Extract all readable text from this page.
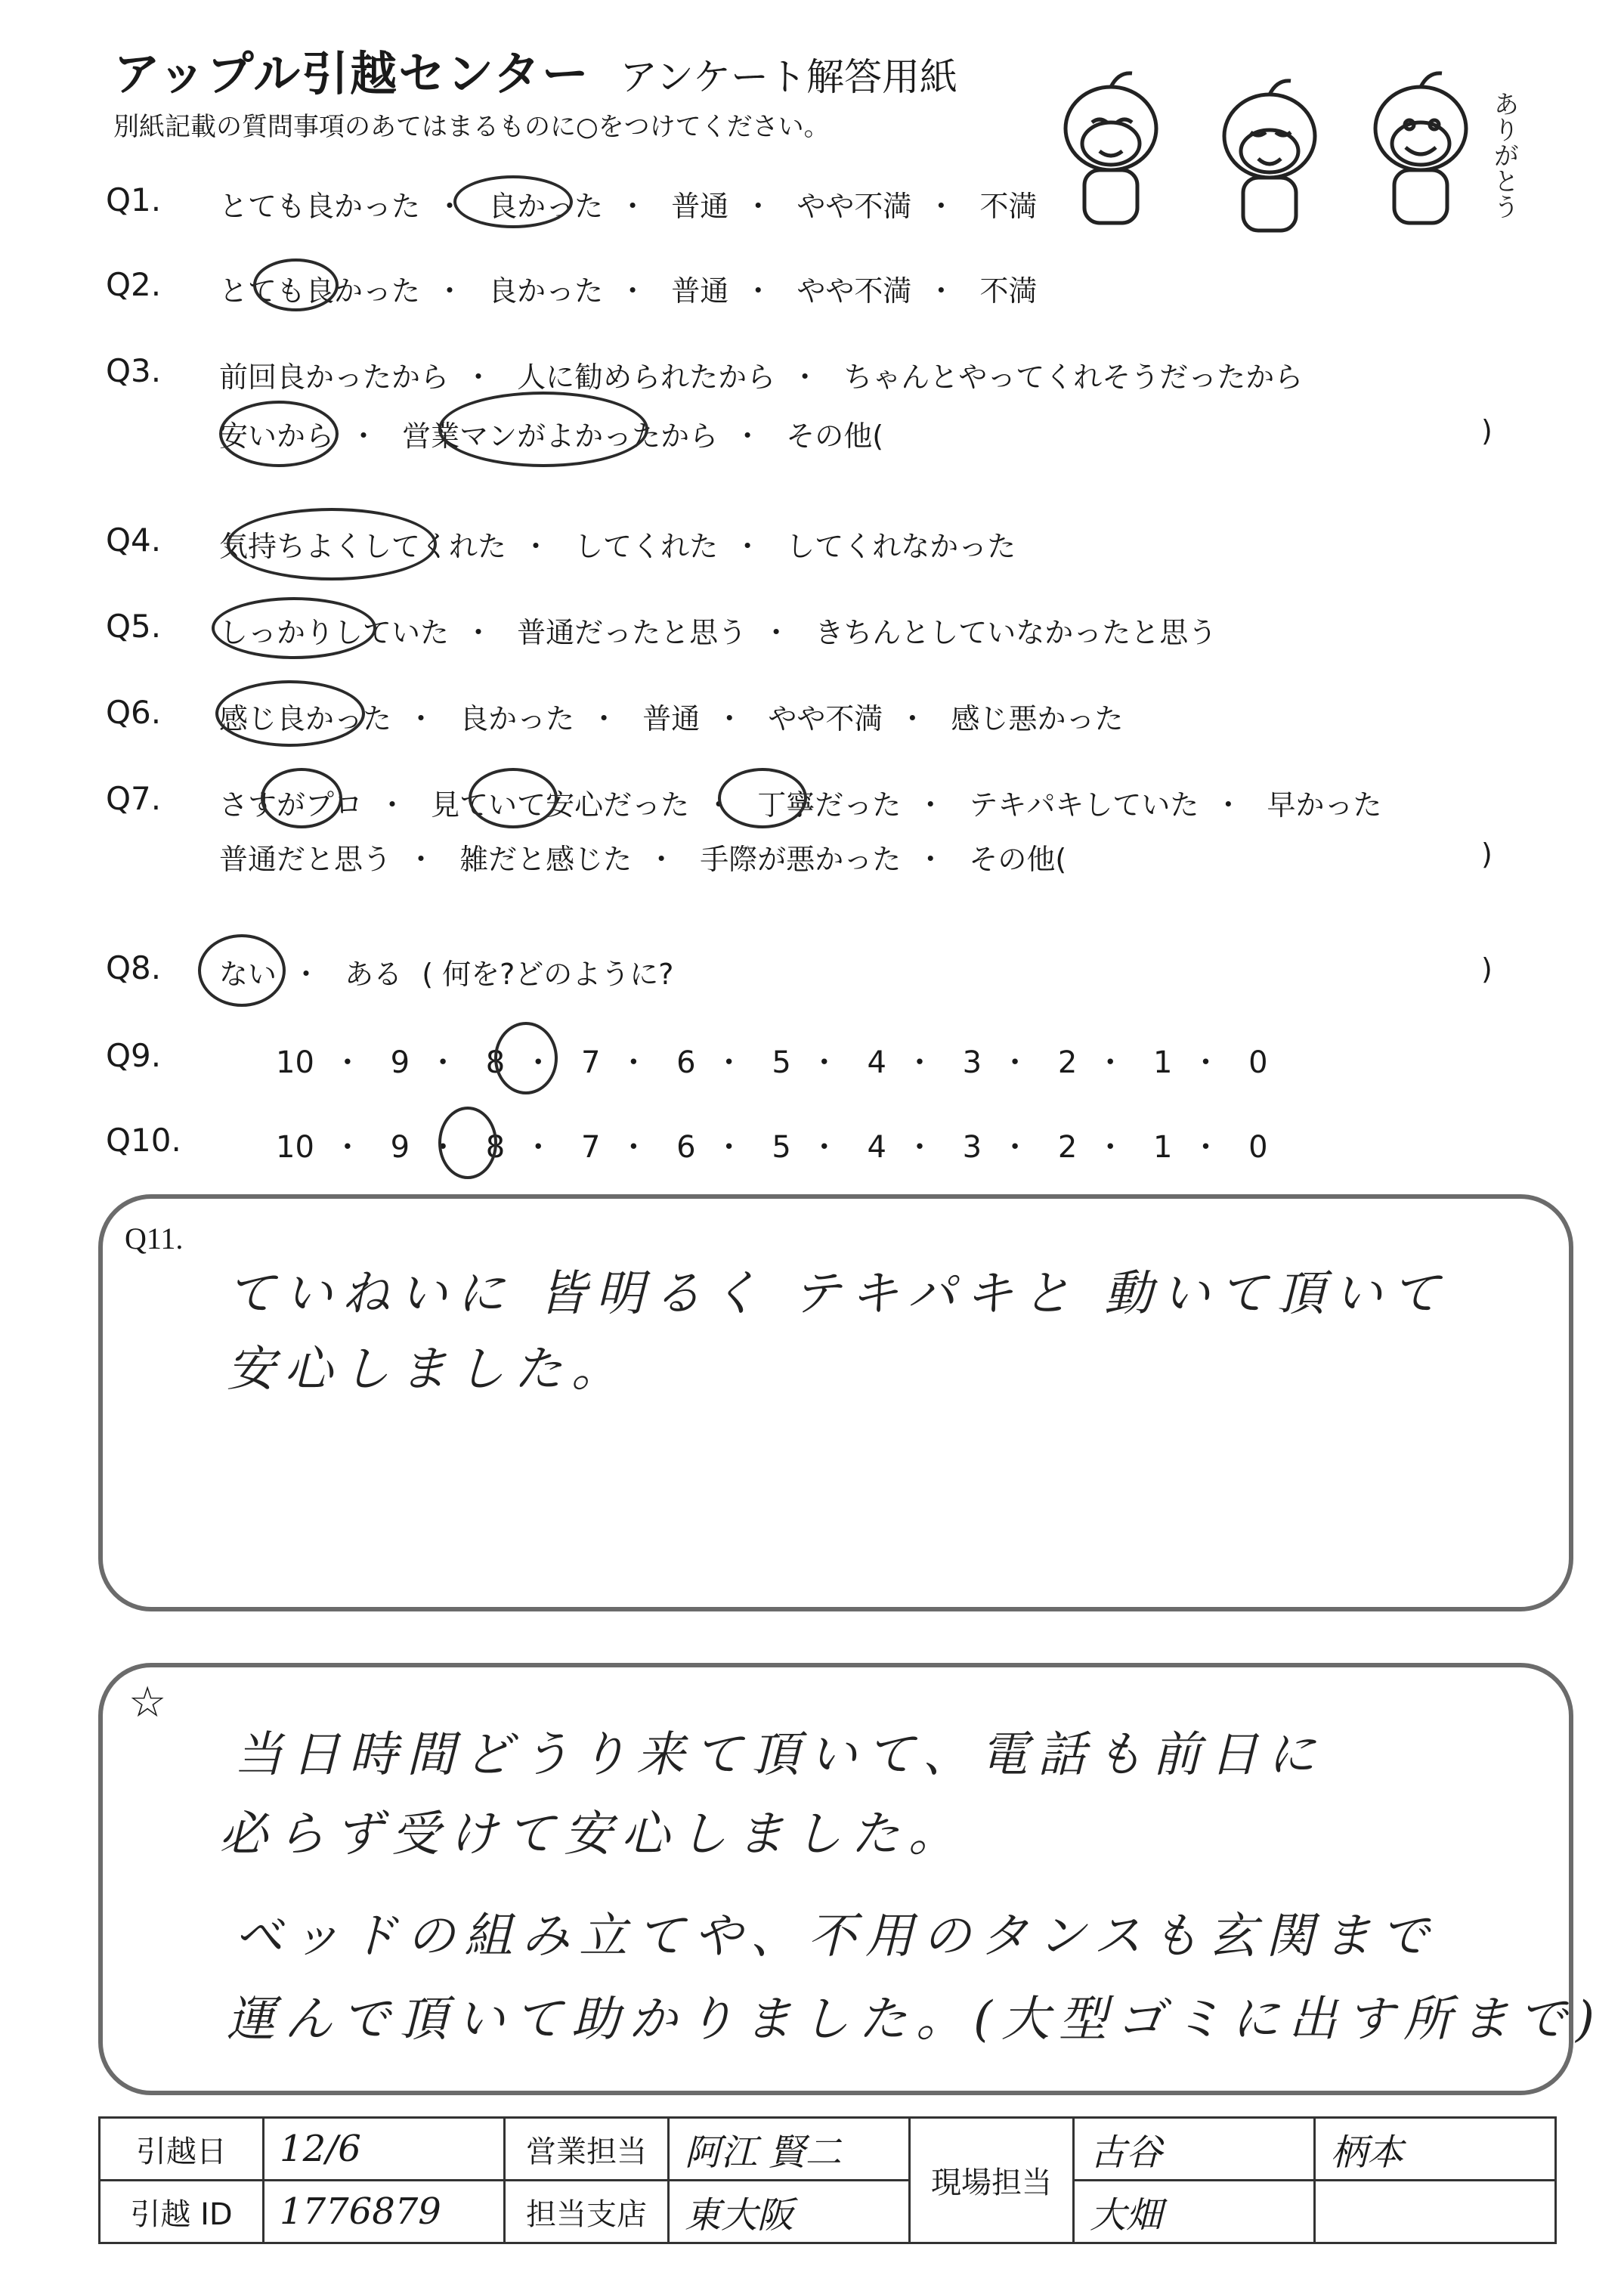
アップル引越センター アンケート解答用紙
別紙記載の質問事項のあてはまるものに○をつけてください。	ありがとう
Q1. とても良かった ・ 良かった ・ 普通 ・ やや不満 ・ 不満
Q2. とても良かった ・ 良かった ・ 普通 ・ やや不満 ・ 不満
Q3. 前回良かったから ・ 人に勧められたから ・ ちゃんとやってくれそうだったから
安いから ・ 営業マンがよかったから ・ その他(	)
Q4. 気持ちよくしてくれた ・ してくれた ・ してくれなかった
Q5. しっかりしていた ・ 普通だったと思う ・ きちんとしていなかったと思う
Q6. 感じ良かった ・ 良かった ・ 普通 ・ やや不満 ・ 感じ悪かった
Q7. さすがプロ ・ 見ていて安心だった ・ 丁寧だった ・ テキパキしていた ・ 早かった
普通だと思う ・ 雑だと感じた ・ 手際が悪かった ・ その他(	)
Q8. ない ・ ある ( 何を?どのように?	)
Q9.	10 ・ 9 ・ 8 ・ 7 ・ 6 ・ 5 ・ 4 ・ 3 ・ 2 ・ 1 ・ 0
Q10.	10 ・ 9 ・ 8 ・ 7 ・ 6 ・ 5 ・ 4 ・ 3 ・ 2 ・ 1 ・ 0
Q11.
ていねいに 皆明るく テキパキと 動いて頂いて
安心しました。
☆
当日時間どうり来て頂いて、電話も前日に
必らず受けて安心しました。
ベッドの組み立てや、不用のタンスも玄関まで
運んで頂いて助かりました。(大型ゴミに出す所まで)
引越日	12/6	営業担当	阿江 賢二	現場担当	古谷	柄本
引越 ID	1776879	担当支店	東大阪		大畑	
